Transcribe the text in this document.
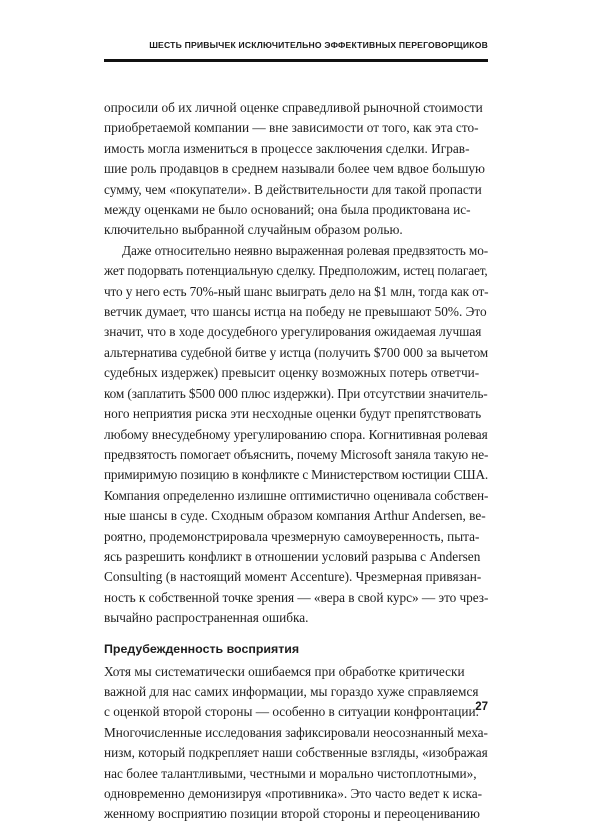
ШЕСТЬ ПРИВЫЧЕК ИСКЛЮЧИТЕЛЬНО ЭФФЕКТИВНЫХ ПЕРЕГОВОРЩИКОВ
опросили об их личной оценке справедливой рыночной стоимости
приобретаемой компании — вне зависимости от того, как эта сто-
имость могла измениться в процессе заключения сделки. Играв-
шие роль продавцов в среднем называли более чем вдвое большую
сумму, чем «покупатели». В действительности для такой пропасти
между оценками не было оснований; она была продиктована ис-
ключительно выбранной случайным образом ролью.
Даже относительно неявно выраженная ролевая предвзятость мо-
жет подорвать потенциальную сделку. Предположим, истец полагает,
что у него есть 70%-ный шанс выиграть дело на $1 млн, тогда как от-
ветчик думает, что шансы истца на победу не превышают 50%. Это
значит, что в ходе досудебного урегулирования ожидаемая лучшая
альтернатива судебной битве у истца (получить $700 000 за вычетом
судебных издержек) превысит оценку возможных потерь ответчи-
ком (заплатить $500 000 плюс издержки). При отсутствии значитель-
ного неприятия риска эти несходные оценки будут препятствовать
любому внесудебному урегулированию спора. Когнитивная ролевая
предвзятость помогает объяснить, почему Microsoft заняла такую не-
примиримую позицию в конфликте с Министерством юстиции США.
Компания определенно излишне оптимистично оценивала собствен-
ные шансы в суде. Сходным образом компания Arthur Andersen, ве-
роятно, продемонстрировала чрезмерную самоуверенность, пыта-
ясь разрешить конфликт в отношении условий разрыва с Andersen
Consulting (в настоящий момент Accenture). Чрезмерная привязан-
ность к собственной точке зрения — «вера в свой курс» — это чрез-
вычайно распространенная ошибка.
Предубежденность восприятия
Хотя мы систематически ошибаемся при обработке критически
важной для нас самих информации, мы гораздо хуже справляемся
с оценкой второй стороны — особенно в ситуации конфронтации.
Многочисленные исследования зафиксировали неосознанный меха-
низм, который подкрепляет наши собственные взгляды, «изображая
нас более талантливыми, честными и морально чистоплотными»,
одновременно демонизируя «противника». Это часто ведет к иска-
женному восприятию позиции второй стороны и переоцениванию
27
